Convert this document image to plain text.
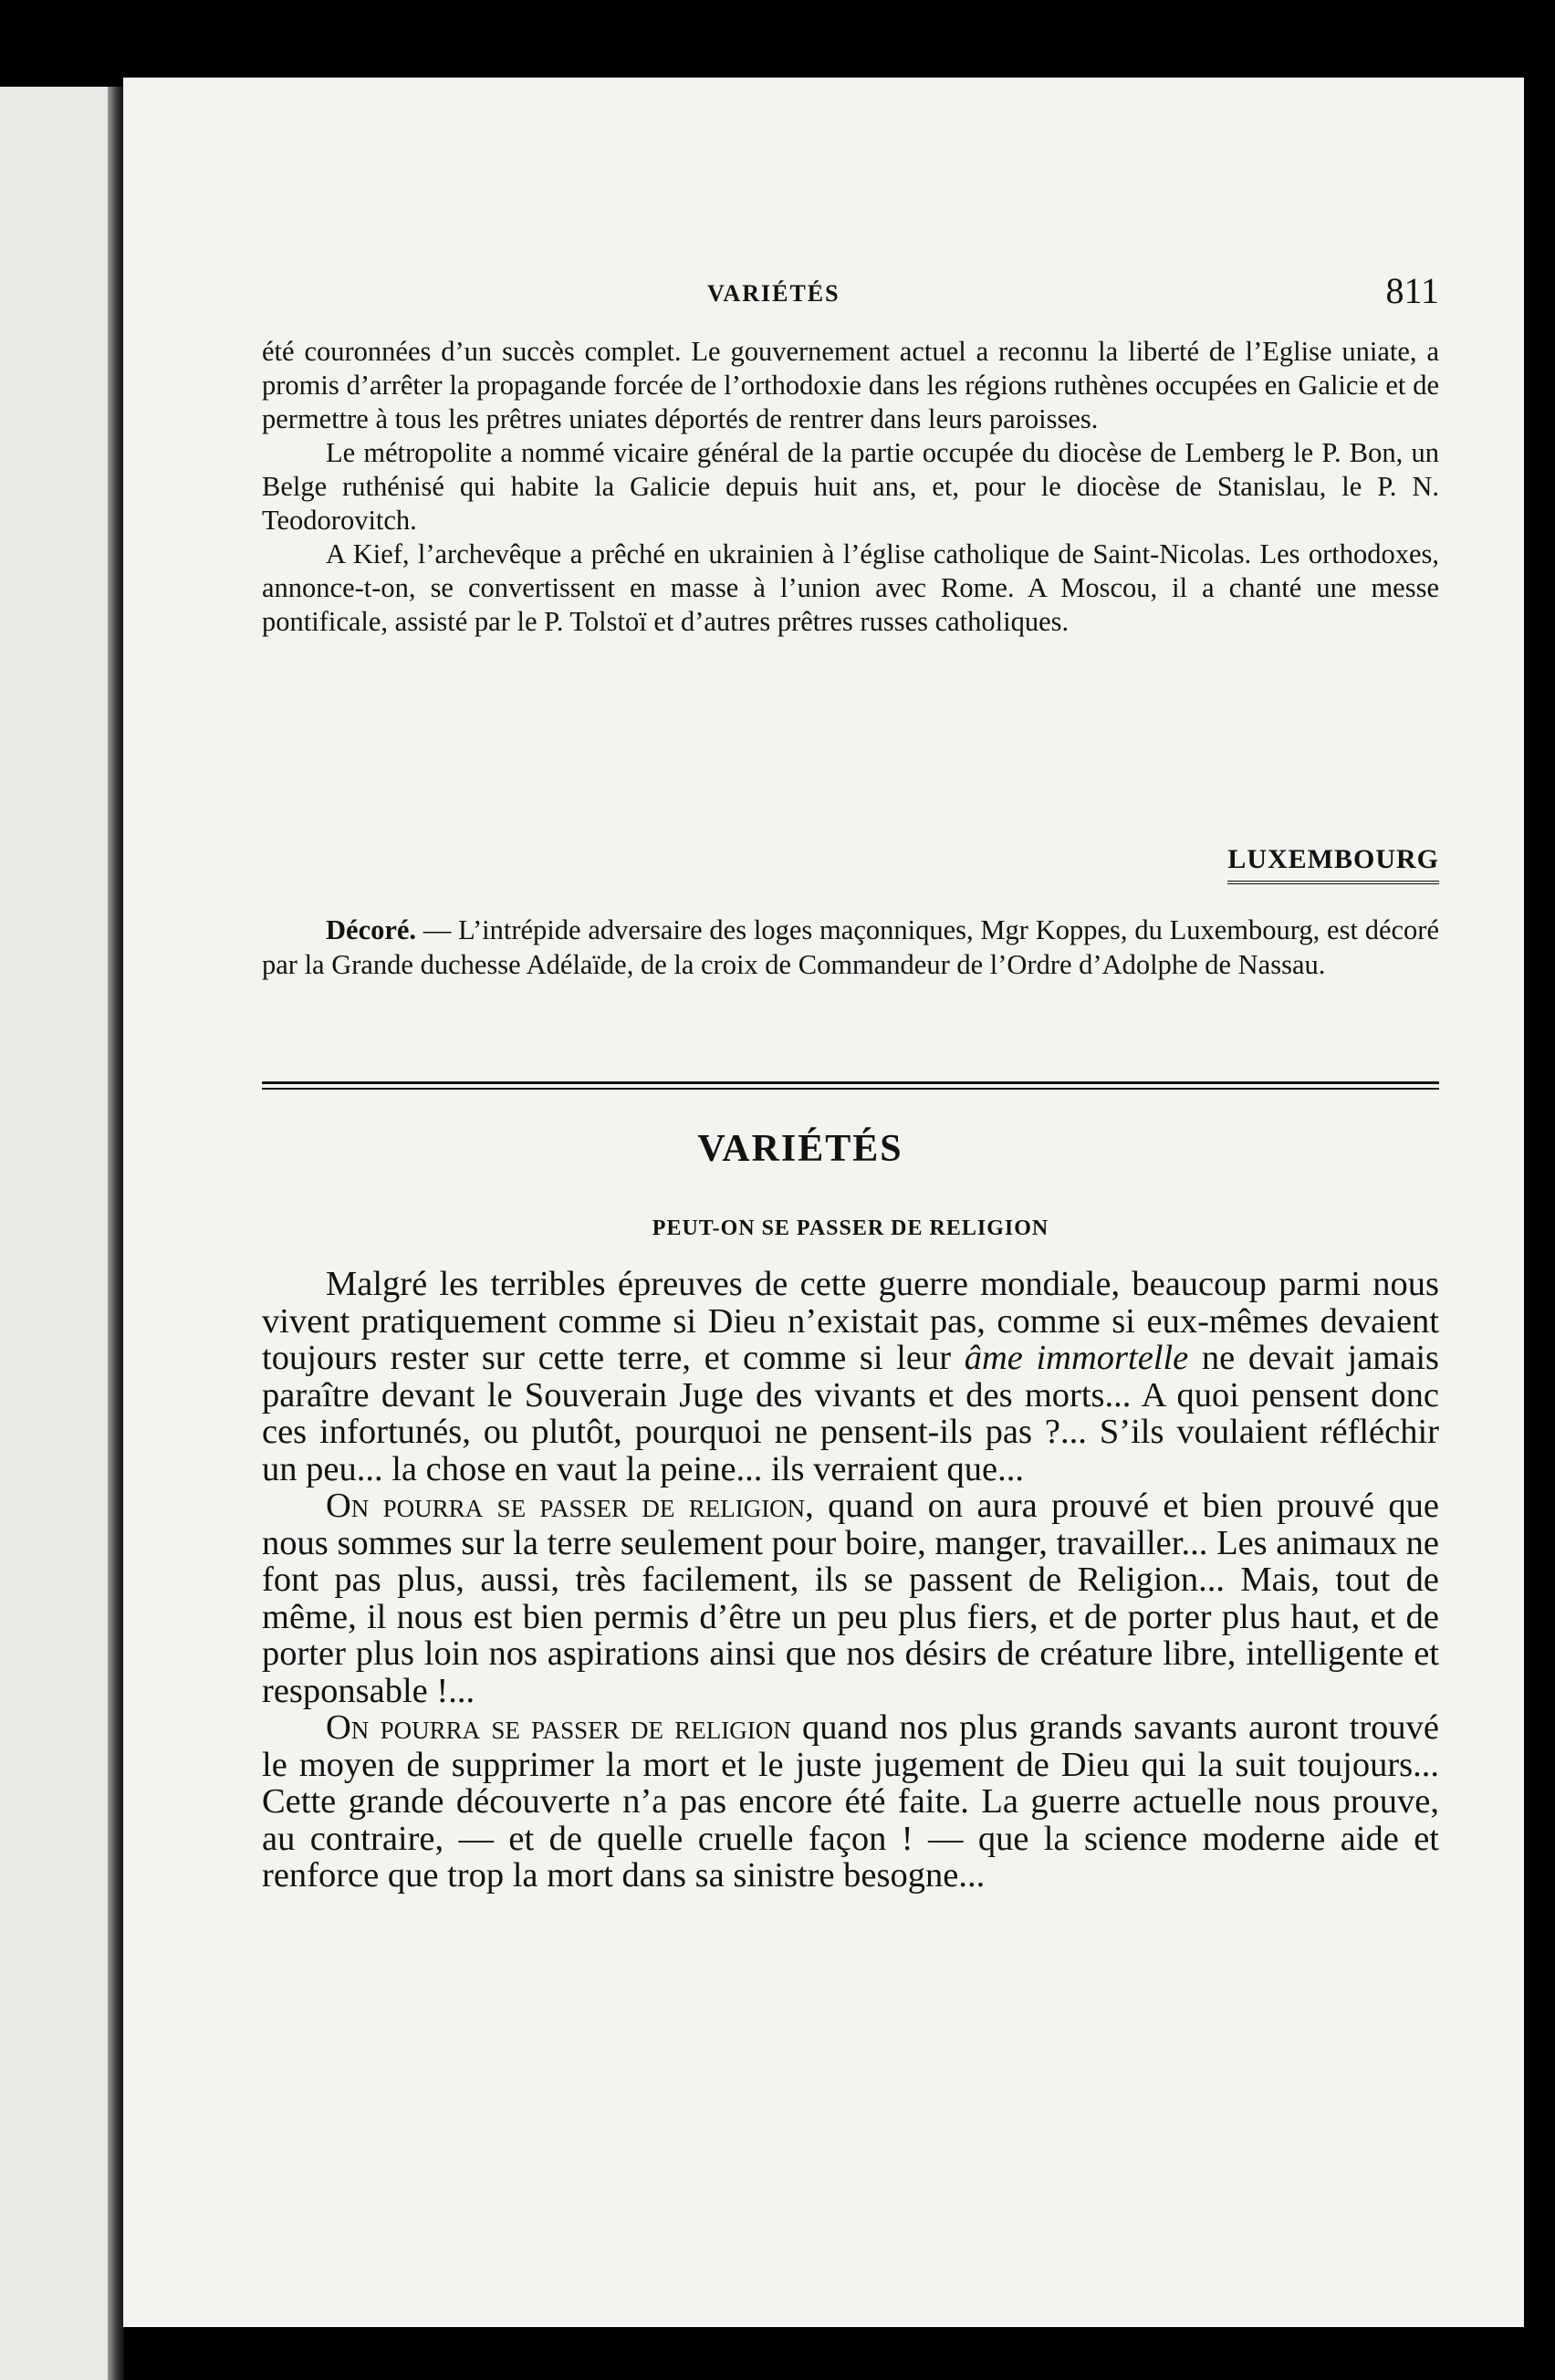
VARIÉTÉS	811

été couronnées d’un succès complet. Le gouvernement actuel a reconnu la liberté de l’Eglise uniate, a promis d’arrêter la propagande forcée de l’orthodoxie dans les régions ruthènes occupées en Galicie et de permettre à tous les prêtres uniates déportés de rentrer dans leurs paroisses.

Le métropolite a nommé vicaire général de la partie occupée du diocèse de Lemberg le P. Bon, un Belge ruthénisé qui habite la Galicie depuis huit ans, et, pour le diocèse de Stanislau, le P. N. Teodorovitch.

A Kief, l’archevêque a prêché en ukrainien à l’église catholique de Saint-Nicolas. Les orthodoxes, annonce-t-on, se convertissent en masse à l’union avec Rome. A Moscou, il a chanté une messe pontificale, assisté par le P. Tolstoï et d’autres prêtres russes catholiques.

LUXEMBOURG

Décoré. — L’intrépide adversaire des loges maçonniques, Mgr Koppes, du Luxembourg, est décoré par la Grande duchesse Adélaïde, de la croix de Commandeur de l’Ordre d’Adolphe de Nassau.

VARIÉTÉS
PEUT-ON SE PASSER DE RELIGION

Malgré les terribles épreuves de cette guerre mondiale, beaucoup parmi nous vivent pratiquement comme si Dieu n’existait pas, comme si eux-mêmes devaient toujours rester sur cette terre, et comme si leur âme immortelle ne devait jamais paraître devant le Souverain Juge des vivants et des morts... A quoi pensent donc ces infortunés, ou plutôt, pourquoi ne pensent-ils pas ?... S’ils voulaient réfléchir un peu... la chose en vaut la peine... ils verraient que...

On pourra se passer de religion, quand on aura prouvé et bien prouvé que nous sommes sur la terre seulement pour boire, manger, travailler... Les animaux ne font pas plus, aussi, très facilement, ils se passent de Religion... Mais, tout de même, il nous est bien permis d’être un peu plus fiers, et de porter plus haut, et de porter plus loin nos aspirations ainsi que nos désirs de créature libre, intelligente et responsable !...

On pourra se passer de religion quand nos plus grands savants auront trouvé le moyen de supprimer la mort et le juste jugement de Dieu qui la suit toujours... Cette grande découverte n’a pas encore été faite. La guerre actuelle nous prouve, au contraire, — et de quelle cruelle façon ! — que la science moderne aide et renforce que trop la mort dans sa sinistre besogne...
